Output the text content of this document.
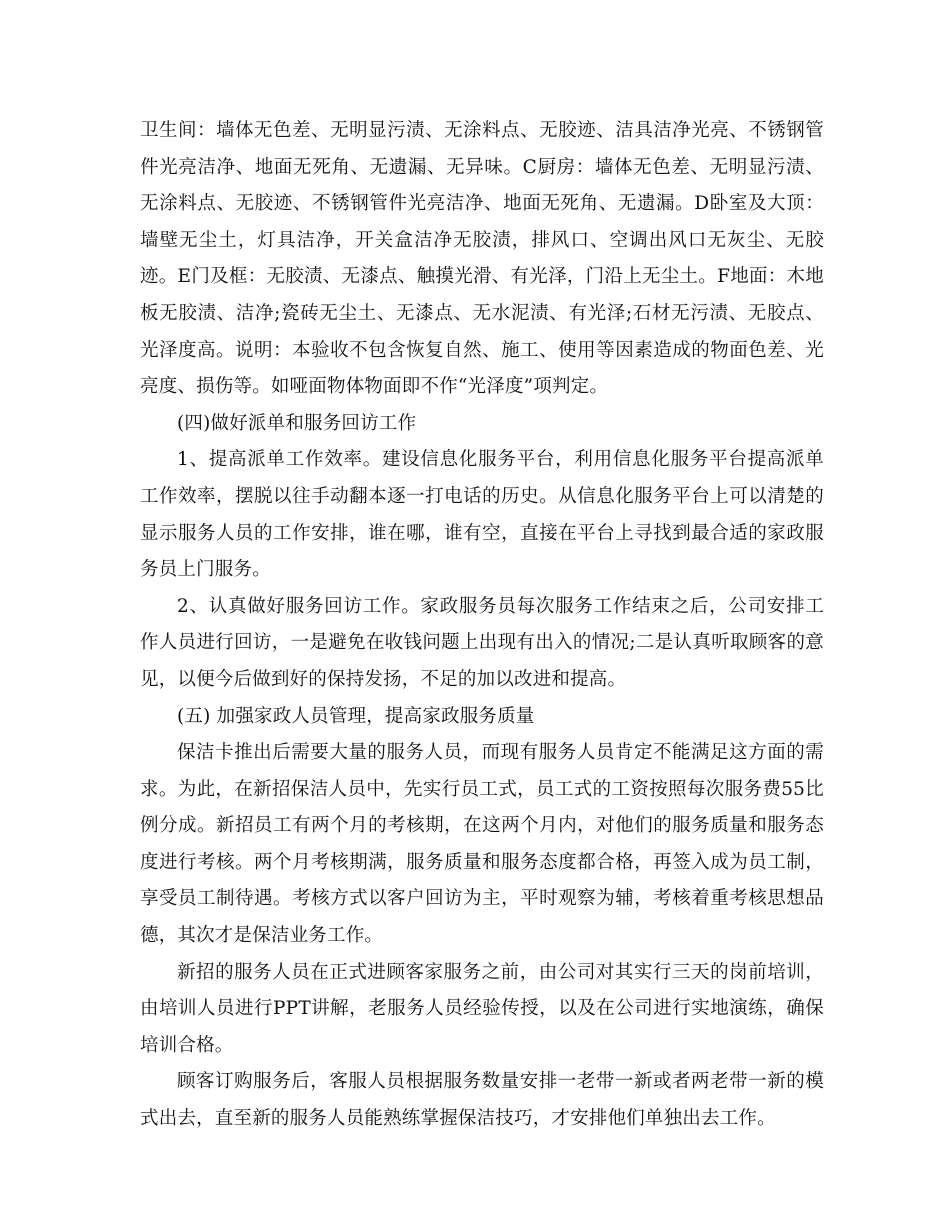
卫生间：墙体无色差、无明显污渍、无涂料点、无胶迹、洁具洁净光亮、不锈钢管件光亮洁净、地面无死角、无遗漏、无异味。C厨房：墙体无色差、无明显污渍、无涂料点、无胶迹、不锈钢管件光亮洁净、地面无死角、无遗漏。D卧室及大顶：墙壁无尘土，灯具洁净，开关盒洁净无胶渍，排风口、空调出风口无灰尘、无胶迹。E门及框：无胶渍、无漆点、触摸光滑、有光泽，门沿上无尘土。F地面：木地板无胶渍、洁净;瓷砖无尘土、无漆点、无水泥渍、有光泽;石材无污渍、无胶点、光泽度高。说明：本验收不包含恢复自然、施工、使用等因素造成的物面色差、光亮度、损伤等。如哑面物体物面即不作“光泽度”项判定。

(四)做好派单和服务回访工作

1、提高派单工作效率。建设信息化服务平台，利用信息化服务平台提高派单工作效率，摆脱以往手动翻本逐一打电话的历史。从信息化服务平台上可以清楚的显示服务人员的工作安排，谁在哪，谁有空，直接在平台上寻找到最合适的家政服务员上门服务。

2、认真做好服务回访工作。家政服务员每次服务工作结束之后，公司安排工作人员进行回访，一是避免在收钱问题上出现有出入的情况;二是认真听取顾客的意见，以便今后做到好的保持发扬，不足的加以改进和提高。

(五) 加强家政人员管理，提高家政服务质量

保洁卡推出后需要大量的服务人员，而现有服务人员肯定不能满足这方面的需求。为此，在新招保洁人员中，先实行员工式，员工式的工资按照每次服务费55比例分成。新招员工有两个月的考核期，在这两个月内，对他们的服务质量和服务态度进行考核。两个月考核期满，服务质量和服务态度都合格，再签入成为员工制，享受员工制待遇。考核方式以客户回访为主，平时观察为辅，考核着重考核思想品德，其次才是保洁业务工作。

新招的服务人员在正式进顾客家服务之前，由公司对其实行三天的岗前培训，由培训人员进行PPT讲解，老服务人员经验传授，以及在公司进行实地演练，确保培训合格。

顾客订购服务后，客服人员根据服务数量安排一老带一新或者两老带一新的模式出去，直至新的服务人员能熟练掌握保洁技巧，才安排他们单独出去工作。
